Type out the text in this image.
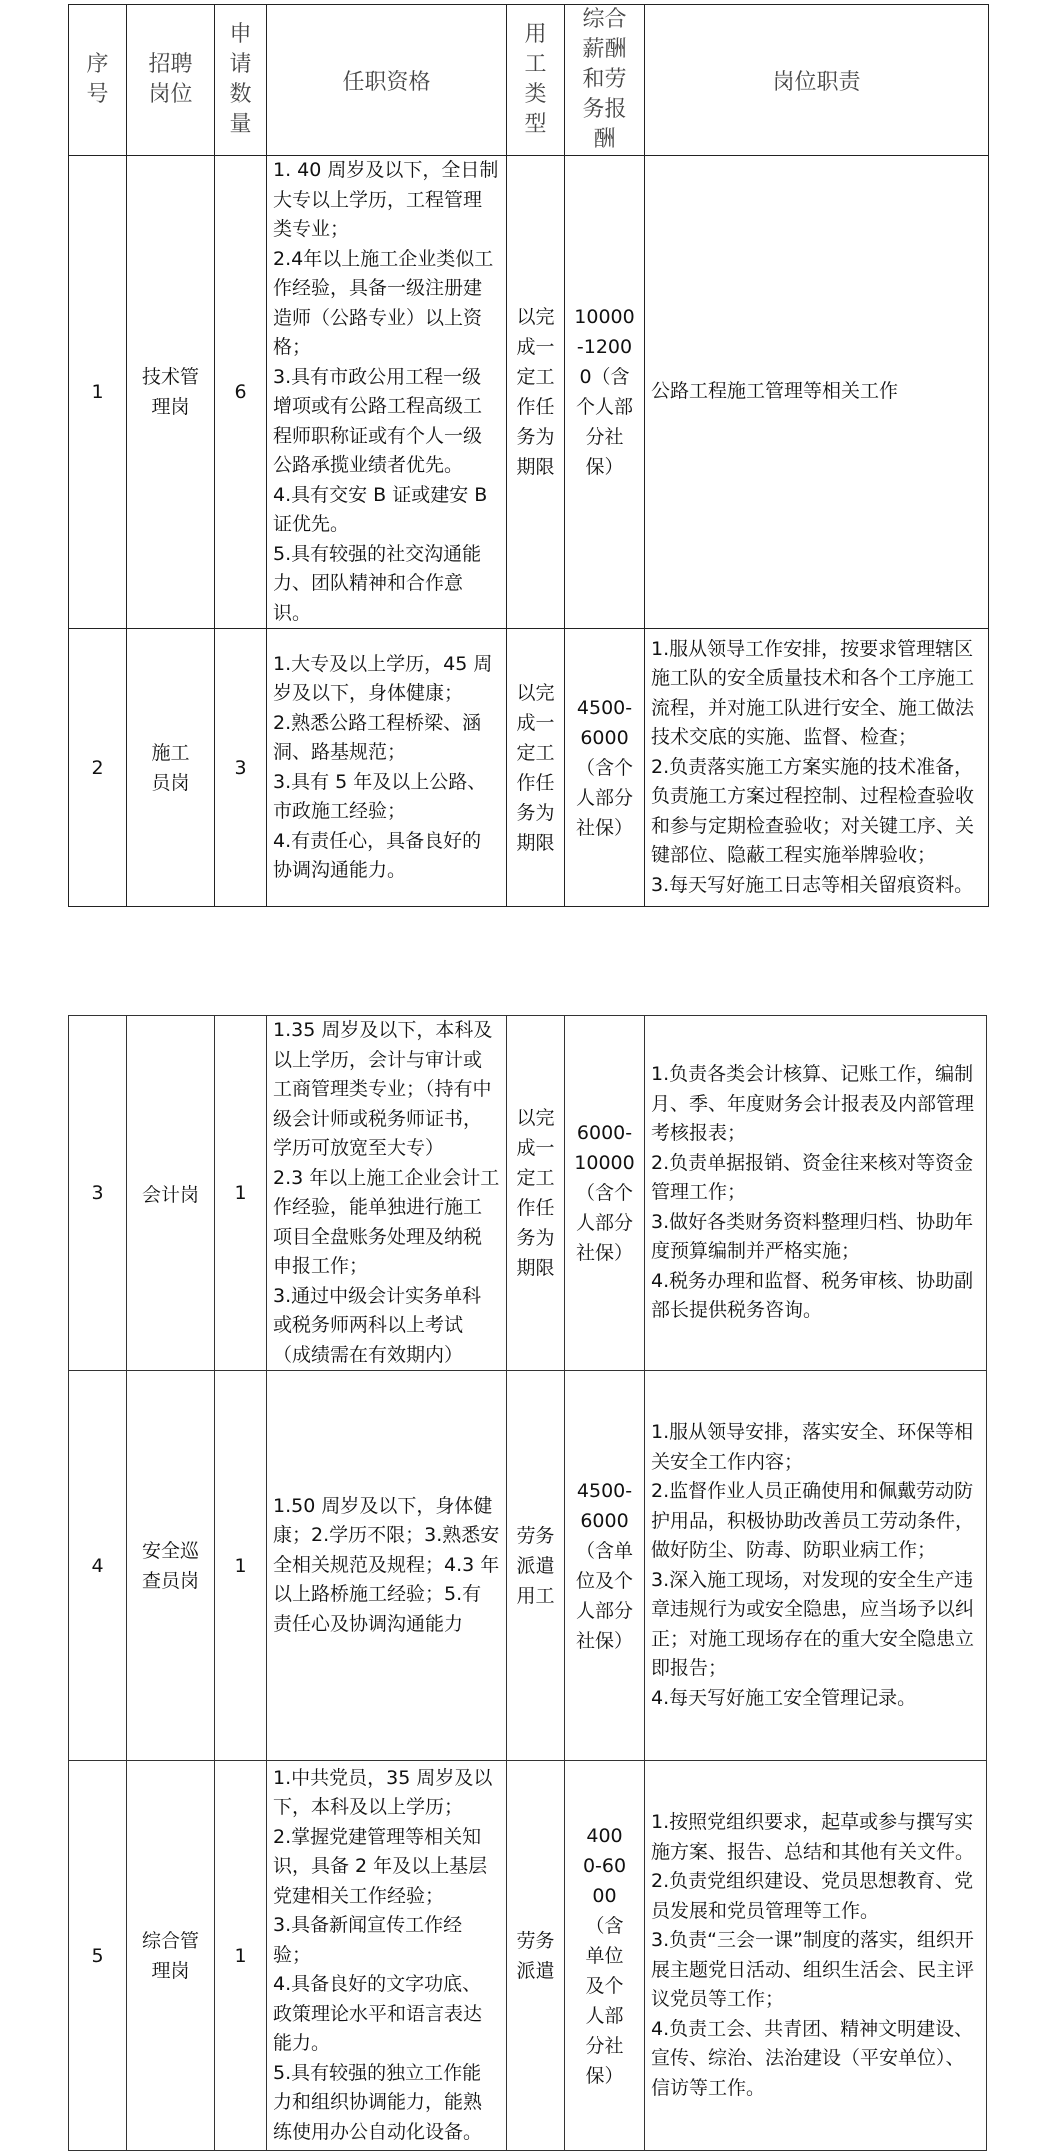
序号	招聘岗位	申请数量	任职资格	用工类型	综合薪酬和劳务报酬	岗位职责
1	技术管理岗	6	1. 40 周岁及以下，全日制大专以上学历，工程管理类专业；
2.4年以上施工企业类似工作经验，具备一级注册建造师（公路专业）以上资格；
3.具有市政公用工程一级增项或有公路工程高级工程师职称证或有个人一级公路承揽业绩者优先。
4.具有交安 B 证或建安 B 证优先。
5.具有较强的社交沟通能力、团队精神和合作意识。	以完成一定工作任务为期限	10000-12000（含个人部分社保）	公路工程施工管理等相关工作

2	施工员岗	3	1.大专及以上学历，45 周岁及以下，身体健康；
2.熟悉公路工程桥梁、涵洞、路基规范；
3.具有 5 年及以上公路、市政施工经验；
4.有责任心，具备良好的协调沟通能力。	以完成一定工作任务为期限	4500-6000（含个人部分社保）	1.服从领导工作安排，按要求管理辖区施工队的安全质量技术和各个工序施工流程，并对施工队进行安全、施工做法技术交底的实施、监督、检查；
2.负责落实施工方案实施的技术准备，负责施工方案过程控制、过程检查验收和参与定期检查验收；对关键工序、关键部位、隐蔽工程实施举牌验收；
3.每天写好施工日志等相关留痕资料。
3	会计岗	1	1.35 周岁及以下，本科及以上学历，会计与审计或工商管理类专业；（持有中级会计师或税务师证书，学历可放宽至大专）
2.3 年以上施工企业会计工作经验，能单独进行施工项目全盘账务处理及纳税申报工作；
3.通过中级会计实务单科或税务师两科以上考试（成绩需在有效期内）	以完成一定工作任务为期限	6000-10000（含个人部分社保）	1.负责各类会计核算、记账工作，编制月、季、年度财务会计报表及内部管理考核报表；
2.负责单据报销、资金往来核对等资金管理工作；
3.做好各类财务资料整理归档、协助年度预算编制并严格实施；
4.税务办理和监督、税务审核、协助副部长提供税务咨询。

4	安全巡查员岗	1	1.50 周岁及以下，身体健康；2.学历不限；3.熟悉安全相关规范及规程；4.3 年以上路桥施工经验；5.有责任心及协调沟通能力	劳务派遣用工	4500-6000（含单位及个人部分社保）	1.服从领导安排，落实安全、环保等相关安全工作内容；
2.监督作业人员正确使用和佩戴劳动防护用品，积极协助改善员工劳动条件，做好防尘、防毒、防职业病工作；
3.深入施工现场，对发现的安全生产违章违规行为或安全隐患，应当场予以纠正；对施工现场存在的重大安全隐患立即报告；
4.每天写好施工安全管理记录。

5	综合管理岗	1	1.中共党员，35 周岁及以下，本科及以上学历；
2.掌握党建管理等相关知识，具备 2 年及以上基层党建相关工作经验；
3.具备新闻宣传工作经验；
4.具备良好的文字功底、政策理论水平和语言表达能力。
5.具有较强的独立工作能力和组织协调能力，能熟练使用办公自动化设备。	劳务派遣	4000-6000（含单位及个人部分社保）	1.按照党组织要求，起草或参与撰写实施方案、报告、总结和其他有关文件。
2.负责党组织建设、党员思想教育、党员发展和党员管理等工作。
3.负责“三会一课”制度的落实，组织开展主题党日活动、组织生活会、民主评议党员等工作；
4.负责工会、共青团、精神文明建设、宣传、综治、法治建设（平安单位）、信访等工作。
